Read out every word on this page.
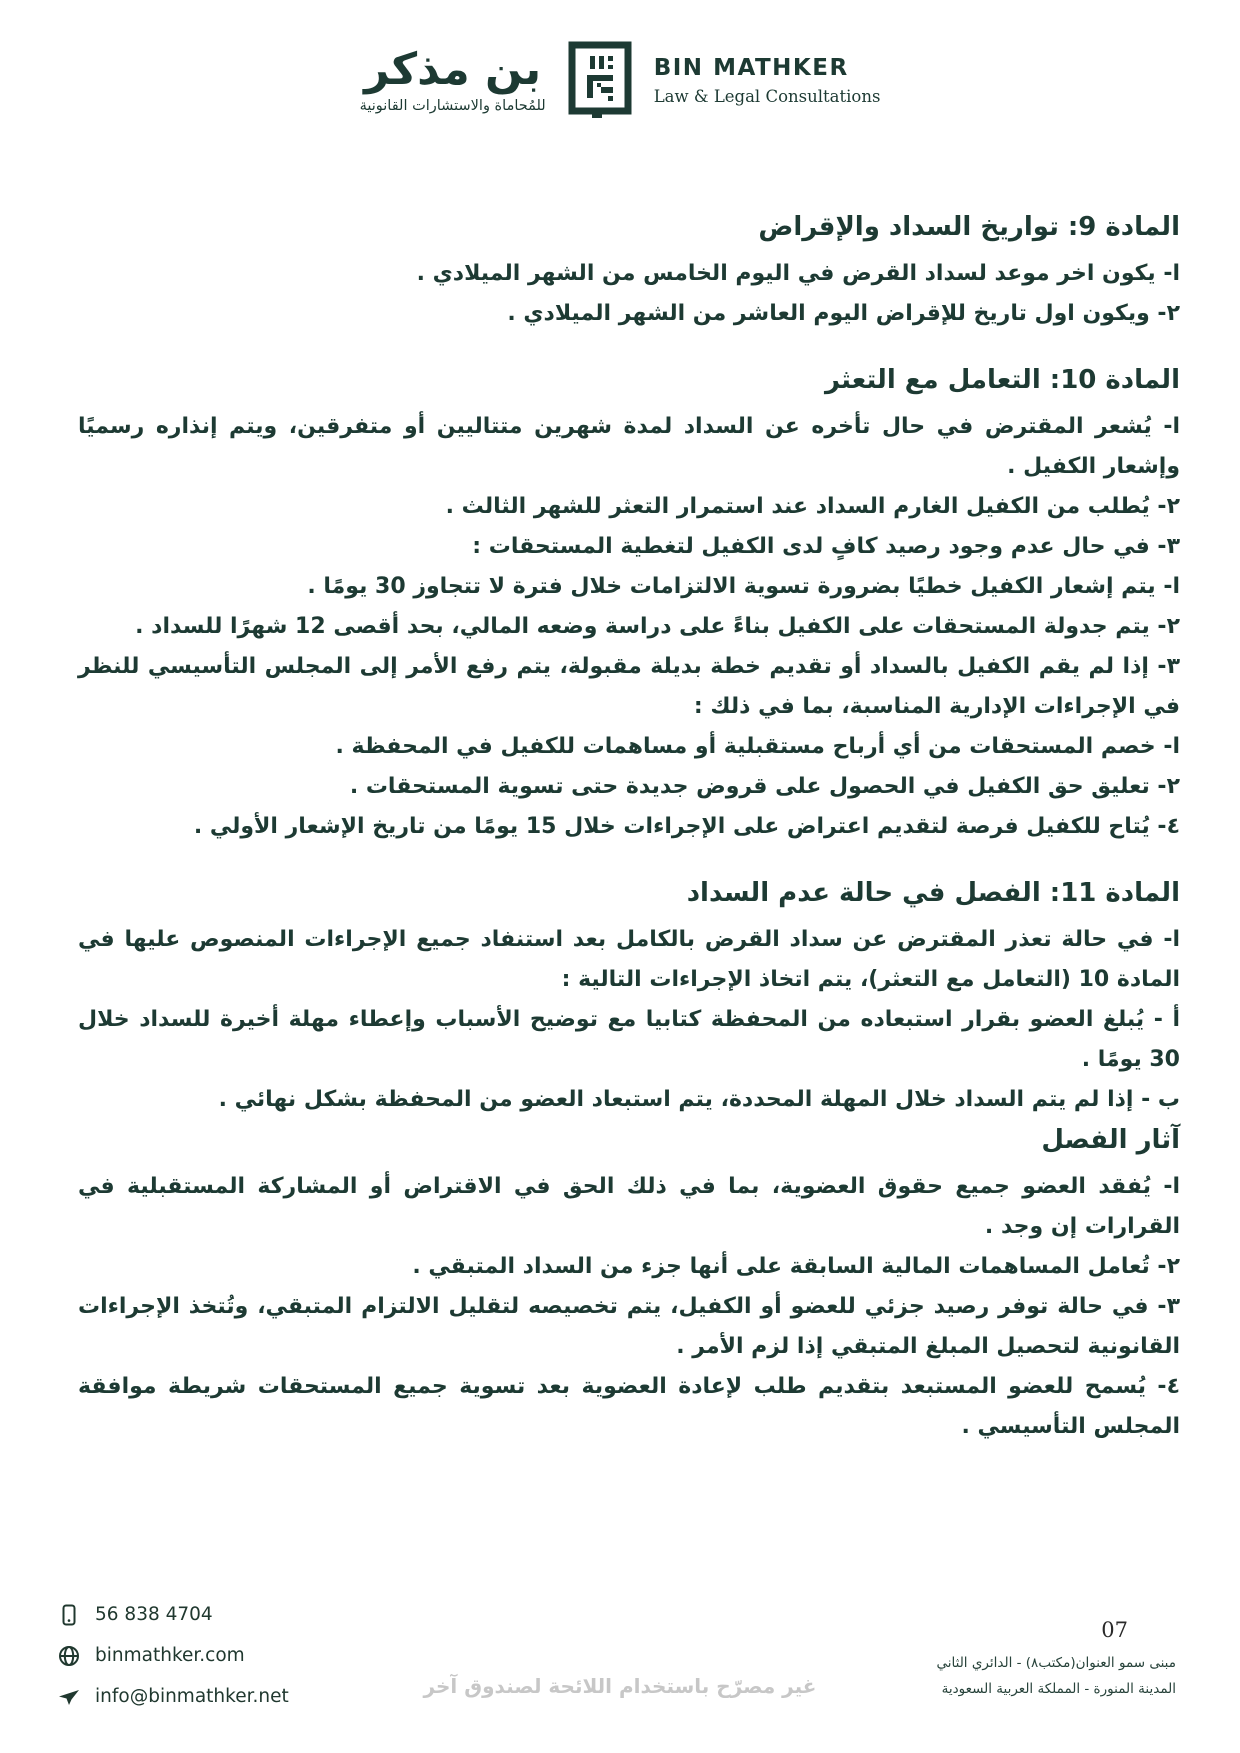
بن مذكر
للمُحاماة والاستشارات القانونية
BIN MATHKER
Law & Legal Consultations
المادة 9: تواريخ السداد والإقراض

ا- يكون اخر موعد لسداد القرض في اليوم الخامس من الشهر الميلادي .

٢- ويكون اول تاريخ للإقراض اليوم العاشر من الشهر الميلادي .

المادة 10: التعامل مع التعثر

ا- يُشعر المقترض في حال تأخره عن السداد لمدة شهرين متتاليين أو متفرقين، ويتم إنذاره رسميًا وإشعار الكفيل .

٢- يُطلب من الكفيل الغارم السداد عند استمرار التعثر للشهر الثالث .

٣- في حال عدم وجود رصيد كافٍ لدى الكفيل لتغطية المستحقات :

ا- يتم إشعار الكفيل خطيًا بضرورة تسوية الالتزامات خلال فترة لا تتجاوز 30 يومًا .

٢- يتم جدولة المستحقات على الكفيل بناءً على دراسة وضعه المالي، بحد أقصى 12 شهرًا للسداد .

٣- إذا لم يقم الكفيل بالسداد أو تقديم خطة بديلة مقبولة، يتم رفع الأمر إلى المجلس التأسيسي للنظر في الإجراءات الإدارية المناسبة، بما في ذلك :

ا- خصم المستحقات من أي أرباح مستقبلية أو مساهمات للكفيل في المحفظة .

٢- تعليق حق الكفيل في الحصول على قروض جديدة حتى تسوية المستحقات .

٤- يُتاح للكفيل فرصة لتقديم اعتراض على الإجراءات خلال 15 يومًا من تاريخ الإشعار الأولي .

المادة 11: الفصل في حالة عدم السداد

ا- في حالة تعذر المقترض عن سداد القرض بالكامل بعد استنفاد جميع الإجراءات المنصوص عليها في المادة 10 (التعامل مع التعثر)، يتم اتخاذ الإجراءات التالية :

أ - يُبلغ العضو بقرار استبعاده من المحفظة كتابيا مع توضيح الأسباب وإعطاء مهلة أخيرة للسداد خلال 30 يومًا .

ب - إذا لم يتم السداد خلال المهلة المحددة، يتم استبعاد العضو من المحفظة بشكل نهائي .

آثار الفصل

ا- يُفقد العضو جميع حقوق العضوية، بما في ذلك الحق في الاقتراض أو المشاركة المستقبلية في القرارات إن وجد .

٢- تُعامل المساهمات المالية السابقة على أنها جزء من السداد المتبقي .

٣- في حالة توفر رصيد جزئي للعضو أو الكفيل، يتم تخصيصه لتقليل الالتزام المتبقي، وتُتخذ الإجراءات القانونية لتحصيل المبلغ المتبقي إذا لزم الأمر .

٤- يُسمح للعضو المستبعد بتقديم طلب لإعادة العضوية بعد تسوية جميع المستحقات شريطة موافقة المجلس التأسيسي .

56 838 4704
binmathker.com
info@binmathker.net	غير مصرّح باستخدام اللائحة لصندوق آخر
07
مبنى سمو العنوان(مكتب٨) - الدائري الثاني
المدينة المنورة - المملكة العربية السعودية
